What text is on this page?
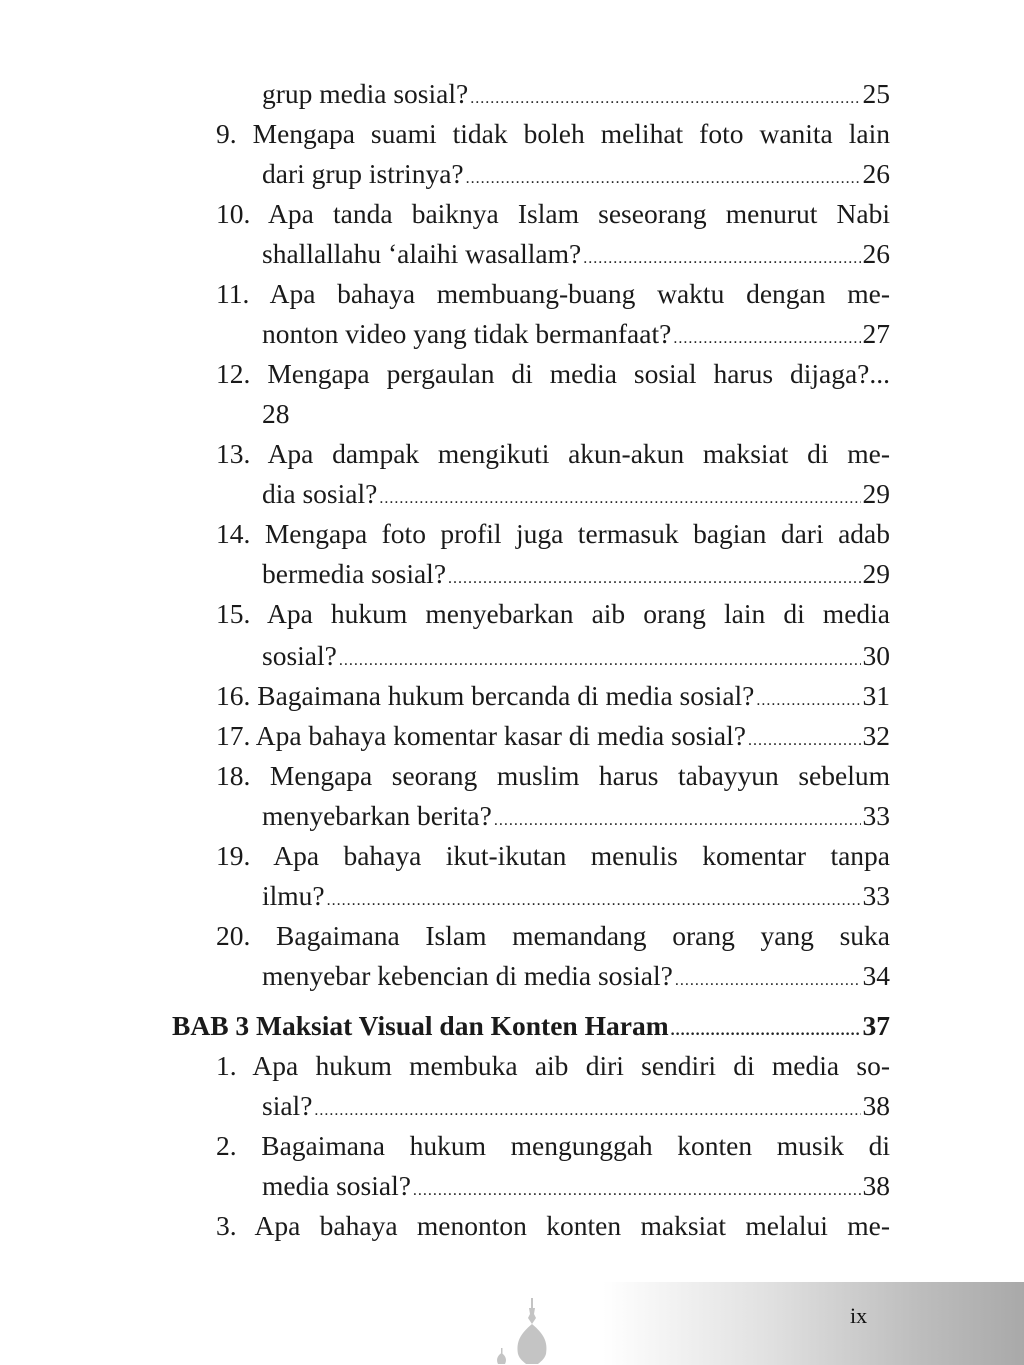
grup media sosial? .....	25
9. Mengapa suami tidak boleh melihat foto wanita lain
dari grup istrinya? .....	26
10. Apa tanda baiknya Islam seseorang menurut Nabi
shallallahu ‘alaihi wasallam? .....	26
11. Apa bahaya membuang-buang waktu dengan me-
nonton video yang tidak bermanfaat? .....	27
12. Mengapa pergaulan di media sosial harus dijaga?...
28
13. Apa dampak mengikuti akun-akun maksiat di me-
dia sosial? .....	29
14. Mengapa foto profil juga termasuk bagian dari adab
bermedia sosial? .....	29
15. Apa hukum menyebarkan aib orang lain di media
sosial? .....	30
16. Bagaimana hukum bercanda di media sosial? .....	31
17. Apa bahaya komentar kasar di media sosial? .....	32
18. Mengapa seorang muslim harus tabayyun sebelum
menyebarkan berita? .....	33
19. Apa bahaya ikut-ikutan menulis komentar tanpa
ilmu? .....	33
20. Bagaimana Islam memandang orang yang suka
menyebar kebencian di media sosial? .....	34
BAB 3 Maksiat Visual dan Konten Haram .....	37
1. Apa hukum membuka aib diri sendiri di media so-
sial? .....	38
2. Bagaimana hukum mengunggah konten musik di
media sosial? .....	38
3. Apa bahaya menonton konten maksiat melalui me-
ix
